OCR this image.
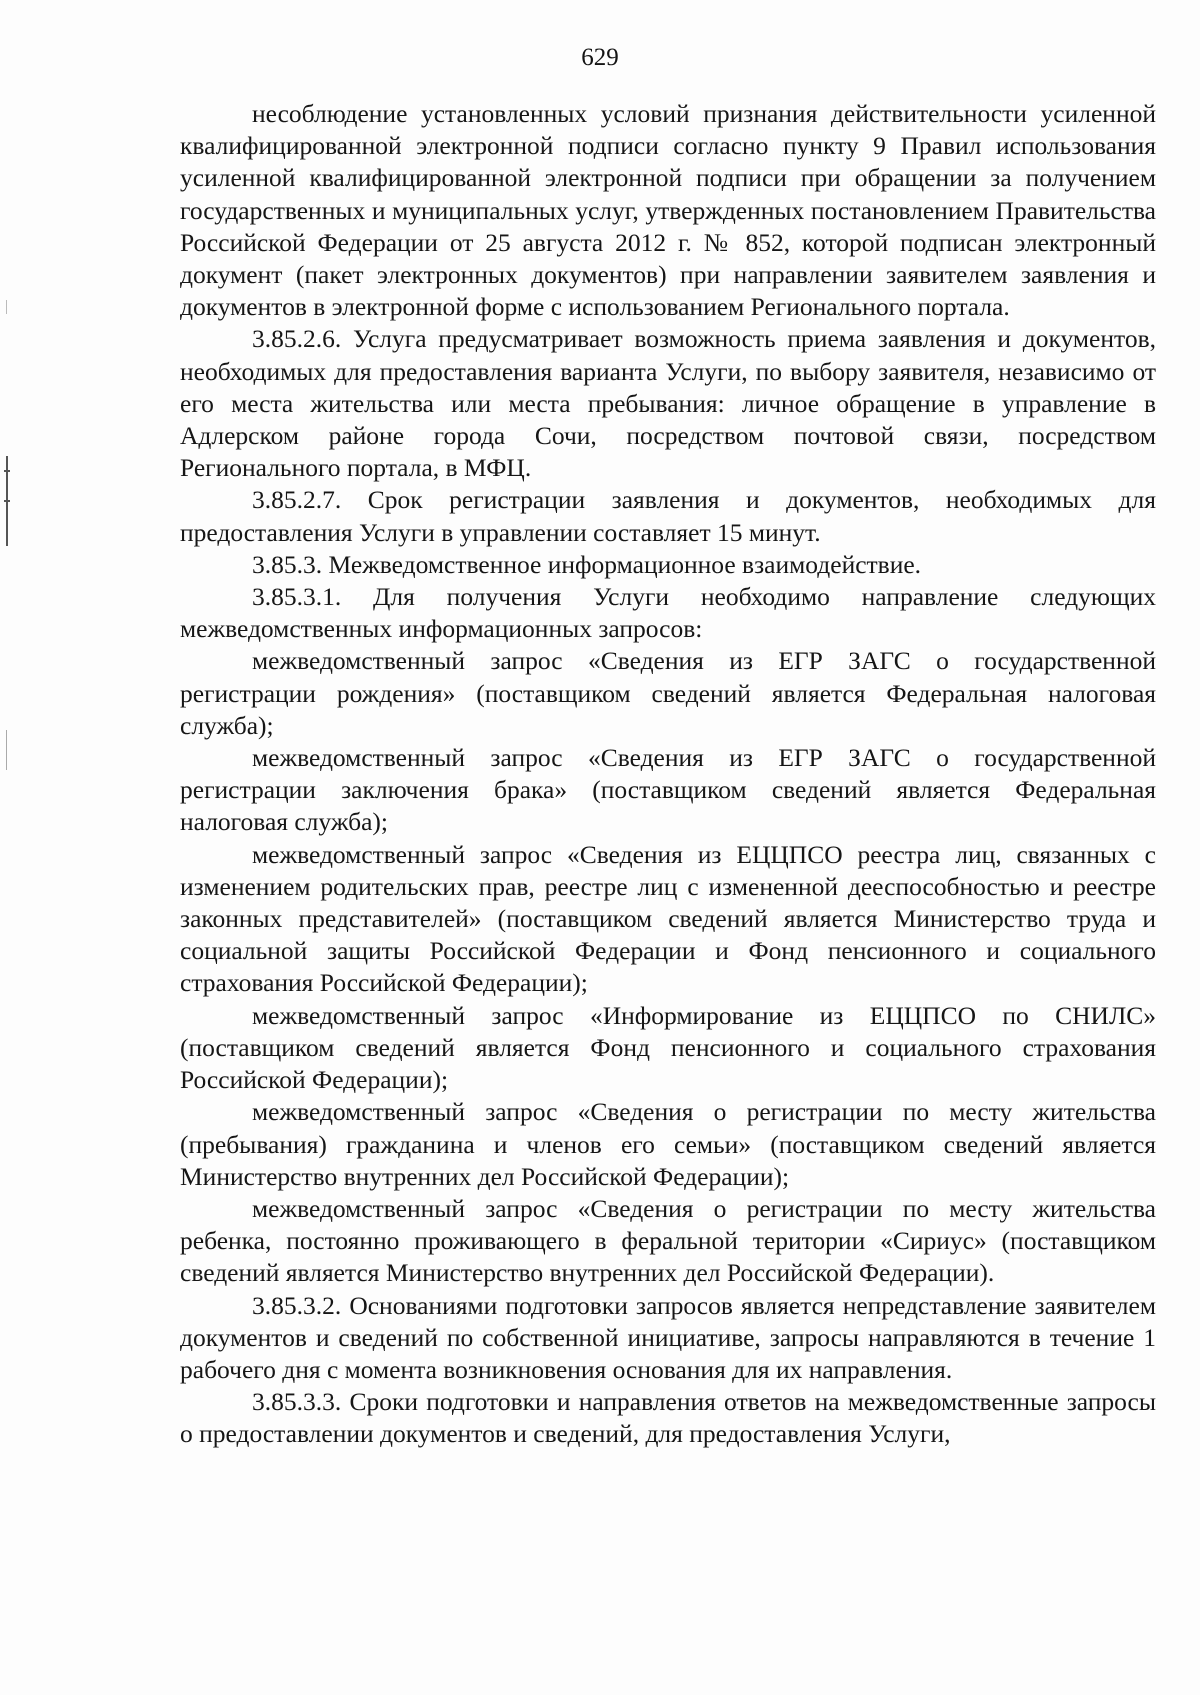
629

несоблюдение установленных условий признания действительности усиленной квалифицированной электронной подписи согласно пункту 9 Правил использования усиленной квалифицированной электронной подписи при обращении за получением государственных и муниципальных услуг, утвержденных постановлением Правительства Российской Федерации от 25 августа 2012 г. № 852, которой подписан электронный документ (пакет электронных документов) при направлении заявителем заявления и документов в электронной форме с использованием Регионального портала.

3.85.2.6. Услуга предусматривает возможность приема заявления и документов, необходимых для предоставления варианта Услуги, по выбору заявителя, независимо от его места жительства или места пребывания: личное обращение в управление в Адлерском районе города Сочи, посредством почтовой связи, посредством Регионального портала, в МФЦ.

3.85.2.7. Срок регистрации заявления и документов, необходимых для предоставления Услуги в управлении составляет 15 минут.

3.85.3. Межведомственное информационное взаимодействие.

3.85.3.1. Для получения Услуги необходимо направление следующих межведомственных информационных запросов:

межведомственный запрос «Сведения из ЕГР ЗАГС о государственной регистрации рождения» (поставщиком сведений является Федеральная налоговая служба);

межведомственный запрос «Сведения из ЕГР ЗАГС о государственной регистрации заключения брака» (поставщиком сведений является Федеральная налоговая служба);

межведомственный запрос «Сведения из ЕЦЦПСО реестра лиц, связанных с изменением родительских прав, реестре лиц с измененной дееспособностью и реестре законных представителей» (поставщиком сведений является Министерство труда и социальной защиты Российской Федерации и Фонд пенсионного и социального страхования Российской Федерации);

межведомственный запрос «Информирование из ЕЦЦПСО по СНИЛС» (поставщиком сведений является Фонд пенсионного и социального страхования Российской Федерации);

межведомственный запрос «Сведения о регистрации по месту жительства (пребывания) гражданина и членов его семьи» (поставщиком сведений является Министерство внутренних дел Российской Федерации);

межведомственный запрос «Сведения о регистрации по месту жительства ребенка, постоянно проживающего в феральной територии «Сириус» (поставщиком сведений является Министерство внутренних дел Российской Федерации).

3.85.3.2. Основаниями подготовки запросов является непредставление заявителем документов и сведений по собственной инициативе, запросы направляются в течение 1 рабочего дня с момента возникновения основания для их направления.

3.85.3.3. Сроки подготовки и направления ответов на межведомственные запросы о предоставлении документов и сведений, для предоставления Услуги,
